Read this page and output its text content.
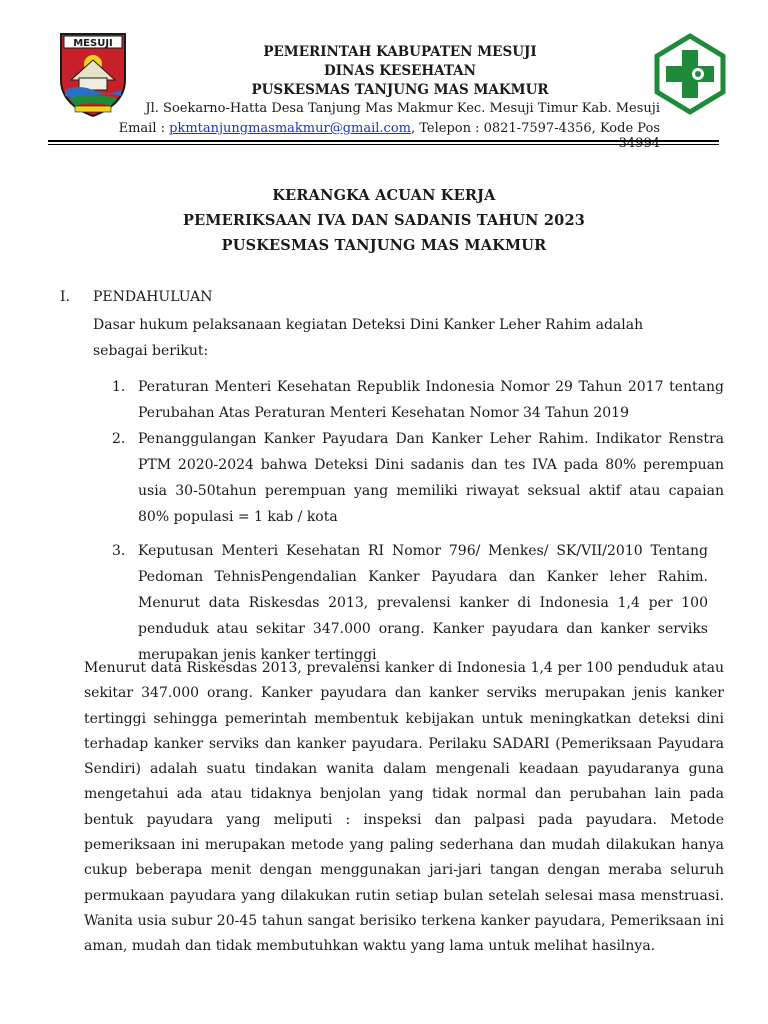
MESUJI

PEMERINTAH KABUPATEN MESUJI

DINAS KESEHATAN

PUSKESMAS TANJUNG MAS MAKMUR

Jl. Soekarno-Hatta Desa Tanjung Mas Makmur Kec. Mesuji Timur Kab. Mesuji
Email : pkmtanjungmasmakmur@gmail.com, Telepon : 0821-7597-4356, Kode Pos
KERANGKA ACUAN KERJA
PEMERIKSAAN IVA DAN SADANIS TAHUN 2023
PUSKESMAS TANJUNG MAS MAKMUR
I. PENDAHULUAN

Dasar hukum pelaksanaan kegiatan Deteksi Dini Kanker Leher Rahim adalah sebagai berikut:

1. Peraturan Menteri Kesehatan Republik Indonesia Nomor 29 Tahun 2017 tentang Perubahan Atas Peraturan Menteri Kesehatan Nomor 34 Tahun 2019
2. Penanggulangan Kanker Payudara Dan Kanker Leher Rahim. Indikator Renstra PTM 2020-2024 bahwa Deteksi Dini sadanis dan tes IVA pada 80% perempuan usia 30-50tahun perempuan yang memiliki riwayat seksual aktif atau capaian 80% populasi = 1 kab / kota
3. Keputusan Menteri Kesehatan RI Nomor 796/ Menkes/ SK/VII/2010 Tentang Pedoman TehnisPengendalian Kanker Payudara dan Kanker leher Rahim. Menurut data Riskesdas 2013, prevalensi kanker di Indonesia 1,4 per 100 penduduk atau sekitar 347.000 orang. Kanker payudara dan kanker serviks merupakan jenis kanker tertinggi

Menurut data Riskesdas 2013, prevalensi kanker di Indonesia 1,4 per 100 penduduk atau sekitar 347.000 orang. Kanker payudara dan kanker serviks merupakan jenis kanker tertinggi sehingga pemerintah membentuk kebijakan untuk meningkatkan deteksi dini terhadap kanker serviks dan kanker payudara. Perilaku SADARI (Pemeriksaan Payudara Sendiri) adalah suatu tindakan wanita dalam mengenali keadaan payudaranya guna mengetahui ada atau tidaknya benjolan yang tidak normal dan perubahan lain pada bentuk payudara yang meliputi : inspeksi dan palpasi pada payudara. Metode pemeriksaan ini merupakan metode yang paling sederhana dan mudah dilakukan hanya cukup beberapa menit dengan menggunakan jari-jari tangan dengan meraba seluruh permukaan payudara yang dilakukan rutin setiap bulan setelah selesai masa menstruasi. Wanita usia subur 20-45 tahun sangat berisiko terkena kanker payudara, Pemeriksaan ini aman, mudah dan tidak membutuhkan waktu yang lama untuk melihat hasilnya.
